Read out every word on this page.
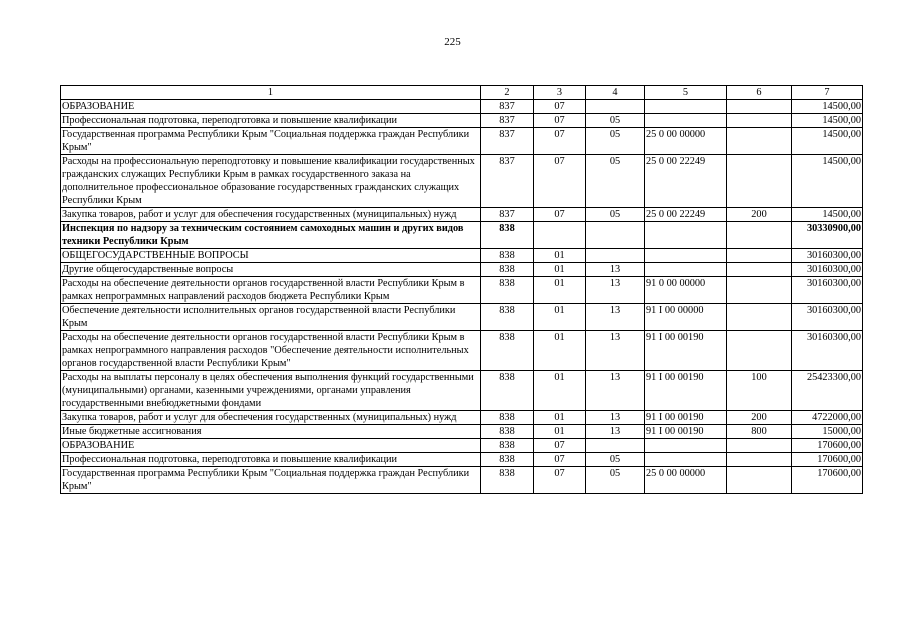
225
1	2	3	4	5	6	7
ОБРАЗОВАНИЕ	837	07				14500,00
Профессиональная подготовка, переподготовка и повышение квалификации	837	07	05			14500,00
Государственная программа Республики Крым "Социальная поддержка граждан Республики Крым"	837	07	05	25 0 00 00000		14500,00
Расходы на профессиональную переподготовку и повышение квалификации государственных гражданских служащих Республики Крым в рамках государственного заказа на дополнительное профессиональное образование государственных гражданских служащих Республики Крым	837	07	05	25 0 00 22249		14500,00
Закупка товаров, работ и услуг для обеспечения государственных (муниципальных) нужд	837	07	05	25 0 00 22249	200	14500,00
Инспекция по надзору за техническим состоянием самоходных машин и других видов техники Республики Крым	838					30330900,00
ОБЩЕГОСУДАРСТВЕННЫЕ ВОПРОСЫ	838	01				30160300,00
Другие общегосударственные вопросы	838	01	13			30160300,00
Расходы на обеспечение деятельности органов государственной власти Республики Крым в рамках непрограммных направлений расходов бюджета Республики Крым	838	01	13	91 0 00 00000		30160300,00
Обеспечение деятельности исполнительных органов государственной власти Республики Крым	838	01	13	91 I 00 00000		30160300,00
Расходы на обеспечение деятельности органов государственной власти Республики Крым в рамках непрограммного направления расходов "Обеспечение деятельности исполнительных органов государственной власти Республики Крым"	838	01	13	91 I 00 00190		30160300,00
Расходы на выплаты персоналу в целях обеспечения выполнения функций государственными (муниципальными) органами, казенными учреждениями, органами управления государственными внебюджетными фондами	838	01	13	91 I 00 00190	100	25423300,00
Закупка товаров, работ и услуг для обеспечения государственных (муниципальных) нужд	838	01	13	91 I 00 00190	200	4722000,00
Иные бюджетные ассигнования	838	01	13	91 I 00 00190	800	15000,00
ОБРАЗОВАНИЕ	838	07				170600,00
Профессиональная подготовка, переподготовка и повышение квалификации	838	07	05			170600,00
Государственная программа Республики Крым "Социальная поддержка граждан Республики Крым"	838	07	05	25 0 00 00000		170600,00
